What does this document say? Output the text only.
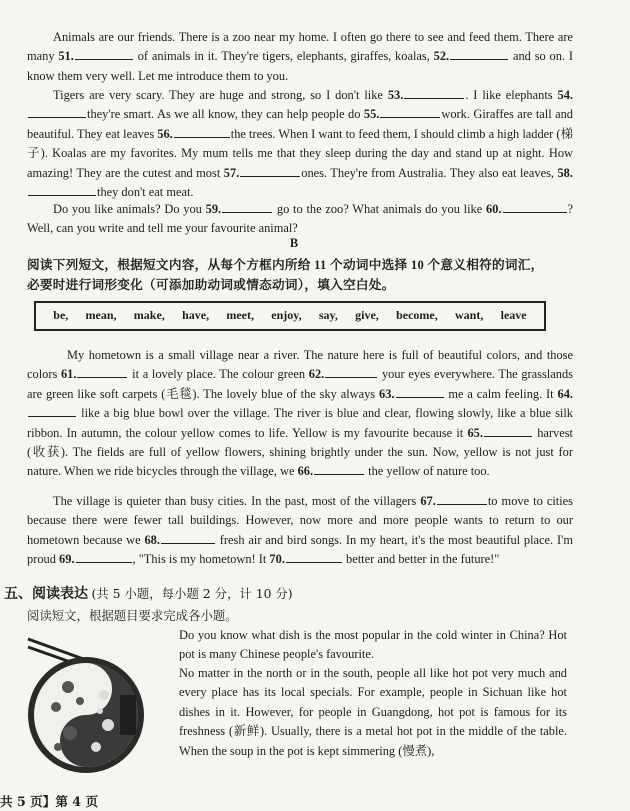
Animals are our friends. There is a zoo near my home. I often go there to see and feed them. There are many 51.	of animals in it. They're tigers, elephants, giraffes, koalas, 52.	and so on. I know them very well. Let me introduce them to you.

Tigers are very scary. They are huge and strong, so I don't like 53.	. I like elephants 54.they're smart. As we all know, they can help people do 55.	work. Giraffes are tall and beautiful. They eat leaves 56.	the trees. When I want to feed them, I should climb a high ladder (梯子). Koalas are my favorites. My mum tells me that they sleep during the day and stand up at night. How amazing! They are the cutest and most 57.	ones. They're from Australia. They also eat leaves, 58.they don't eat meat.

Do you like animals? Do you 59.	go to the zoo? What animals do you like 60.	? Well, can you write and tell me your favourite animal?

B
阅读下列短文，根据短文内容，从每个方框内所给 11 个动词中选择 10 个意义相符的词汇，
必要时进行词形变化（可添加助动词或情态动词），填入空白处。
be, mean, make, have, meet, enjoy, say, give, become, want, leave

My hometown is a small village near a river. The nature here is full of beautiful colors, and those colors 61.	it a lovely place. The colour green 62.	your eyes everywhere. The grasslands are green like soft carpets (毛毯). The lovely blue of the sky always 63.	me a calm feeling. It 64. like a big blue bowl over the village. The river is blue and clear, flowing slowly, like a blue silk ribbon. In autumn, the colour yellow comes to life. Yellow is my favourite because it 65.	harvest (收获). The fields are full of yellow flowers, shining brightly under the sun. Now, yellow is not just for nature. When we ride bicycles through the village, we 66.	the yellow of nature too.

The village is quieter than busy cities. In the past, most of the villagers 67.	to move to cities because there were fewer tall buildings. However, now more and more people wants to return to our hometown because we 68.	fresh air and bird songs. In my heart, it's the most beautiful place. I'm proud 69.	, "This is my hometown! It 70.	better and better in the future!"

五、阅读表达 (共 5 小题，每小题 2 分，计 10 分)
阅读短文，根据题目要求完成各小题。

Do you know what dish is the most popular in the cold winter in China? Hot pot is many Chinese people's favourite.

No matter in the north or in the south, people all like hot pot very much and every place has its local specials. For example, people in Sichuan like hot dishes in it. However, for people in Guangdong, hot pot is famous for its freshness (新鲜). Usually, there is a metal hot pot in the middle of the table. When the soup in the pot is kept simmering (慢煮),

共 5 页】第 4 页
